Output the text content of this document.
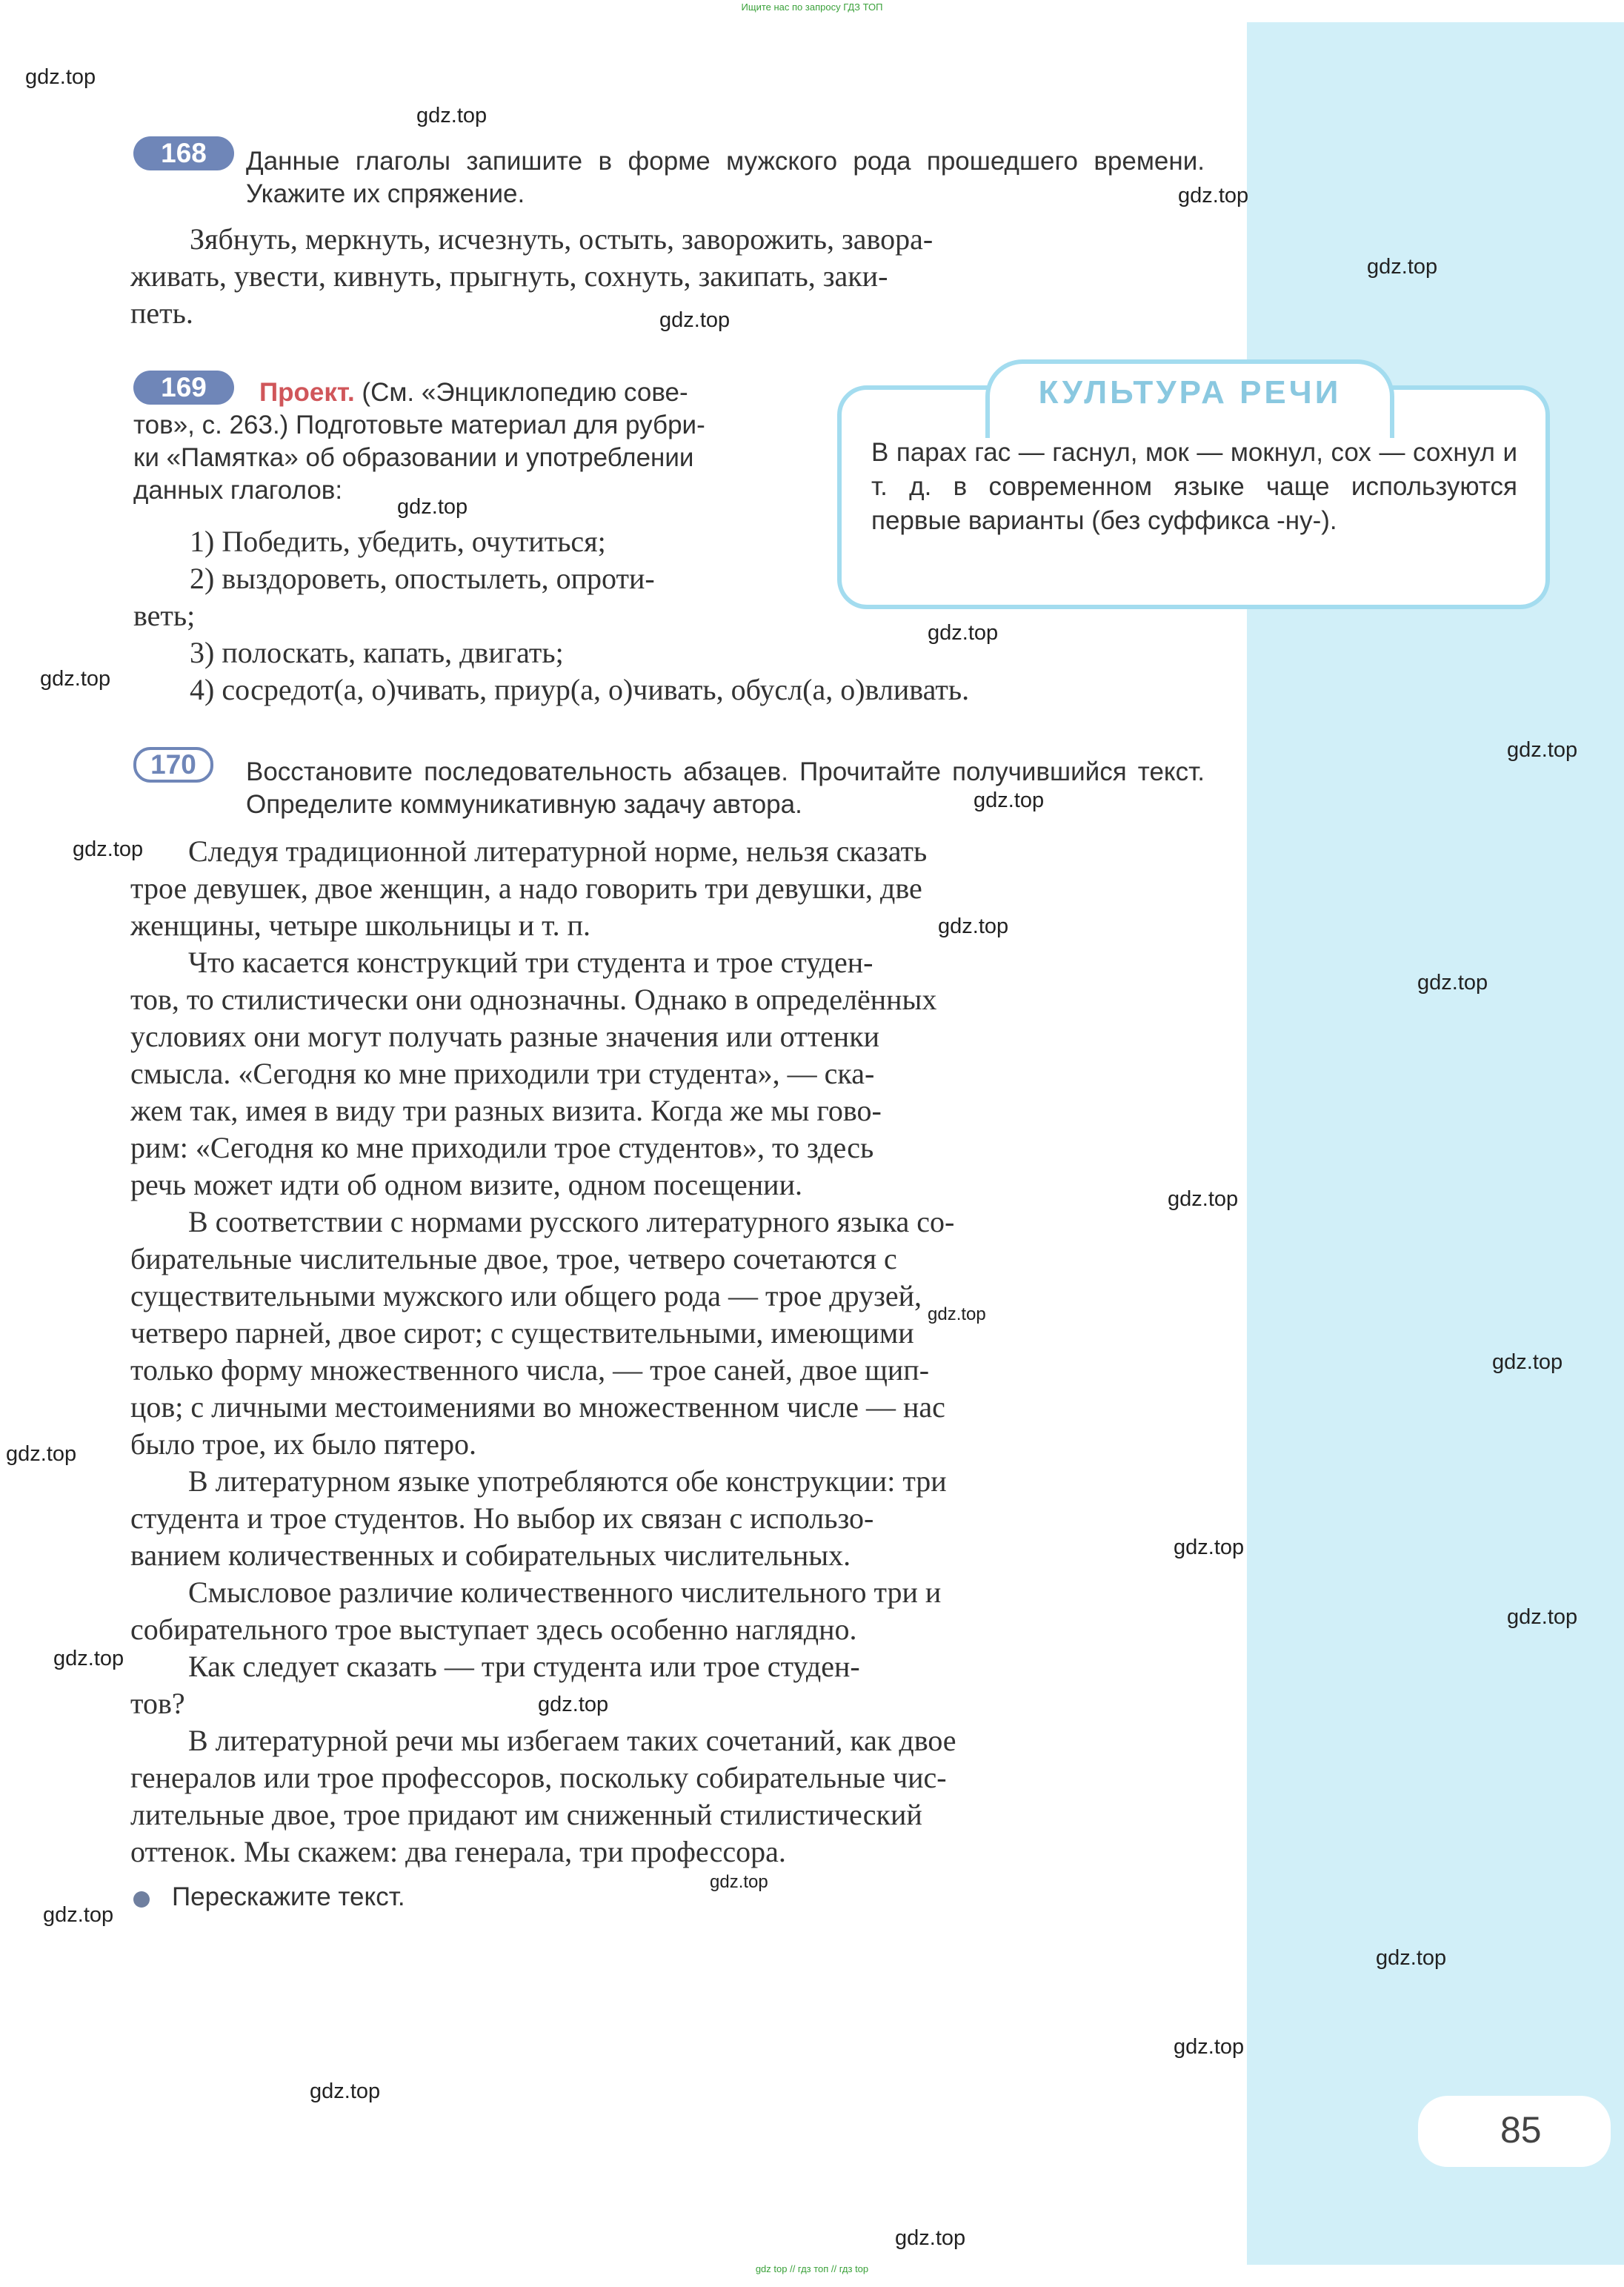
85
Ищите нас по запросу ГДЗ ТОП
gdz top // гдз топ // гдз top
gdz.top
gdz.top
gdz.top
gdz.top
gdz.top
gdz.top
gdz.top
gdz.top
gdz.top
gdz.top
gdz.top
gdz.top
gdz.top
gdz.top
gdz.top
gdz.top
gdz.top
gdz.top
gdz.top
gdz.top
gdz.top
gdz.top
gdz.top
gdz.top
gdz.top
gdz.top
gdz.top
168	Данные глаголы запишите в форме мужского рода прошедшего времени. Укажите их спряжение.
Зябнуть, меркнуть, исчезнуть, остыть, заворожить, завора-
живать, увести, кивнуть, прыгнуть, сохнуть, закипать, заки-
петь.
169	Проект. (См. «Энциклопедию сове-
тов», с. 263.) Подготовьте материал для рубри-
ки «Памятка» об образовании и употреблении
данных глаголов:
1) Победить, убедить, очутиться;
2) выздороветь, опостылеть, опроти-
веть;
3) полоскать, капать, двигать;
4) сосредот(а, о)чивать, приур(а, о)чивать, обусл(а, о)вливать.
КУЛЬТУРА РЕЧИ
В парах гас — гаснул, мок — мокнул, сох — сохнул и т. д. в современном языке чаще используются первые варианты (без суффикса -ну-).
170	Восстановите последовательность абзацев. Прочитайте получившийся текст. Определите коммуникативную задачу автора.
Следуя традиционной литературной норме, нельзя сказать
трое девушек, двое женщин, а надо говорить три девушки, две
женщины, четыре школьницы и т. п.
Что касается конструкций три студента и трое студен-
тов, то стилистически они однозначны. Однако в определённых
условиях они могут получать разные значения или оттенки
смысла. «Сегодня ко мне приходили три студента», — ска-
жем так, имея в виду три разных визита. Когда же мы гово-
рим: «Сегодня ко мне приходили трое студентов», то здесь
речь может идти об одном визите, одном посещении.
В соответствии с нормами русского литературного языка со-
бирательные числительные двое, трое, четверо сочетаются с
существительными мужского или общего рода — трое друзей,
четверо парней, двое сирот; с существительными, имеющими
только форму множественного числа, — трое саней, двое щип-
цов; с личными местоимениями во множественном числе — нас
было трое, их было пятеро.
В литературном языке употребляются обе конструкции: три
студента и трое студентов. Но выбор их связан с использо-
ванием количественных и собирательных числительных.
Смысловое различие количественного числительного три и
собирательного трое выступает здесь особенно наглядно.
Как следует сказать — три студента или трое студен-
тов?
В литературной речи мы избегаем таких сочетаний, как двое
генералов или трое профессоров, поскольку собирательные чис-
лительные двое, трое придают им сниженный стилистический
оттенок. Мы скажем: два генерала, три профессора.
Перескажите текст.
